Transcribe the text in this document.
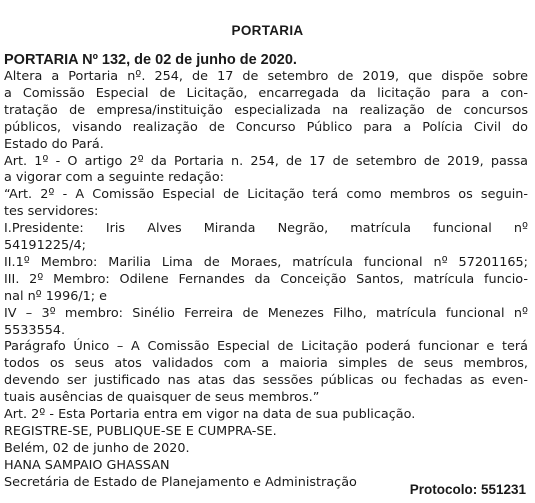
PORTARIA
PORTARIA Nº 132, de 02 de junho de 2020.
Altera a Portaria nº. 254, de 17 de setembro de 2019, que dispõe sobre
a Comissão Especial de Licitação, encarregada da licitação para a con-
tratação de empresa/instituição especializada na realização de concursos
públicos, visando realização de Concurso Público para a Polícia Civil do
Estado do Pará.
Art. 1º - O artigo 2º da Portaria n. 254, de 17 de setembro de 2019, passa
a vigorar com a seguinte redação:
“Art. 2º - A Comissão Especial de Licitação terá como membros os seguin-
tes servidores:
I.Presidente: Iris Alves Miranda Negrão, matrícula funcional nº
54191225/4;
II.1º Membro: Marilia Lima de Moraes, matrícula funcional nº 57201165;
III. 2º Membro: Odilene Fernandes da Conceição Santos, matrícula funcio-
nal nº 1996/1; e
IV – 3º membro: Sinélio Ferreira de Menezes Filho, matrícula funcional nº
5533554.
Parágrafo Único – A Comissão Especial de Licitação poderá funcionar e terá
todos os seus atos validados com a maioria simples de seus membros,
devendo ser justificado nas atas das sessões públicas ou fechadas as even-
tuais ausências de quaisquer de seus membros.”
Art. 2º - Esta Portaria entra em vigor na data de sua publicação.
REGISTRE-SE, PUBLIQUE-SE E CUMPRA-SE.
Belém, 02 de junho de 2020.
HANA SAMPAIO GHASSAN
Secretária de Estado de Planejamento e Administração	Protocolo: 551231
